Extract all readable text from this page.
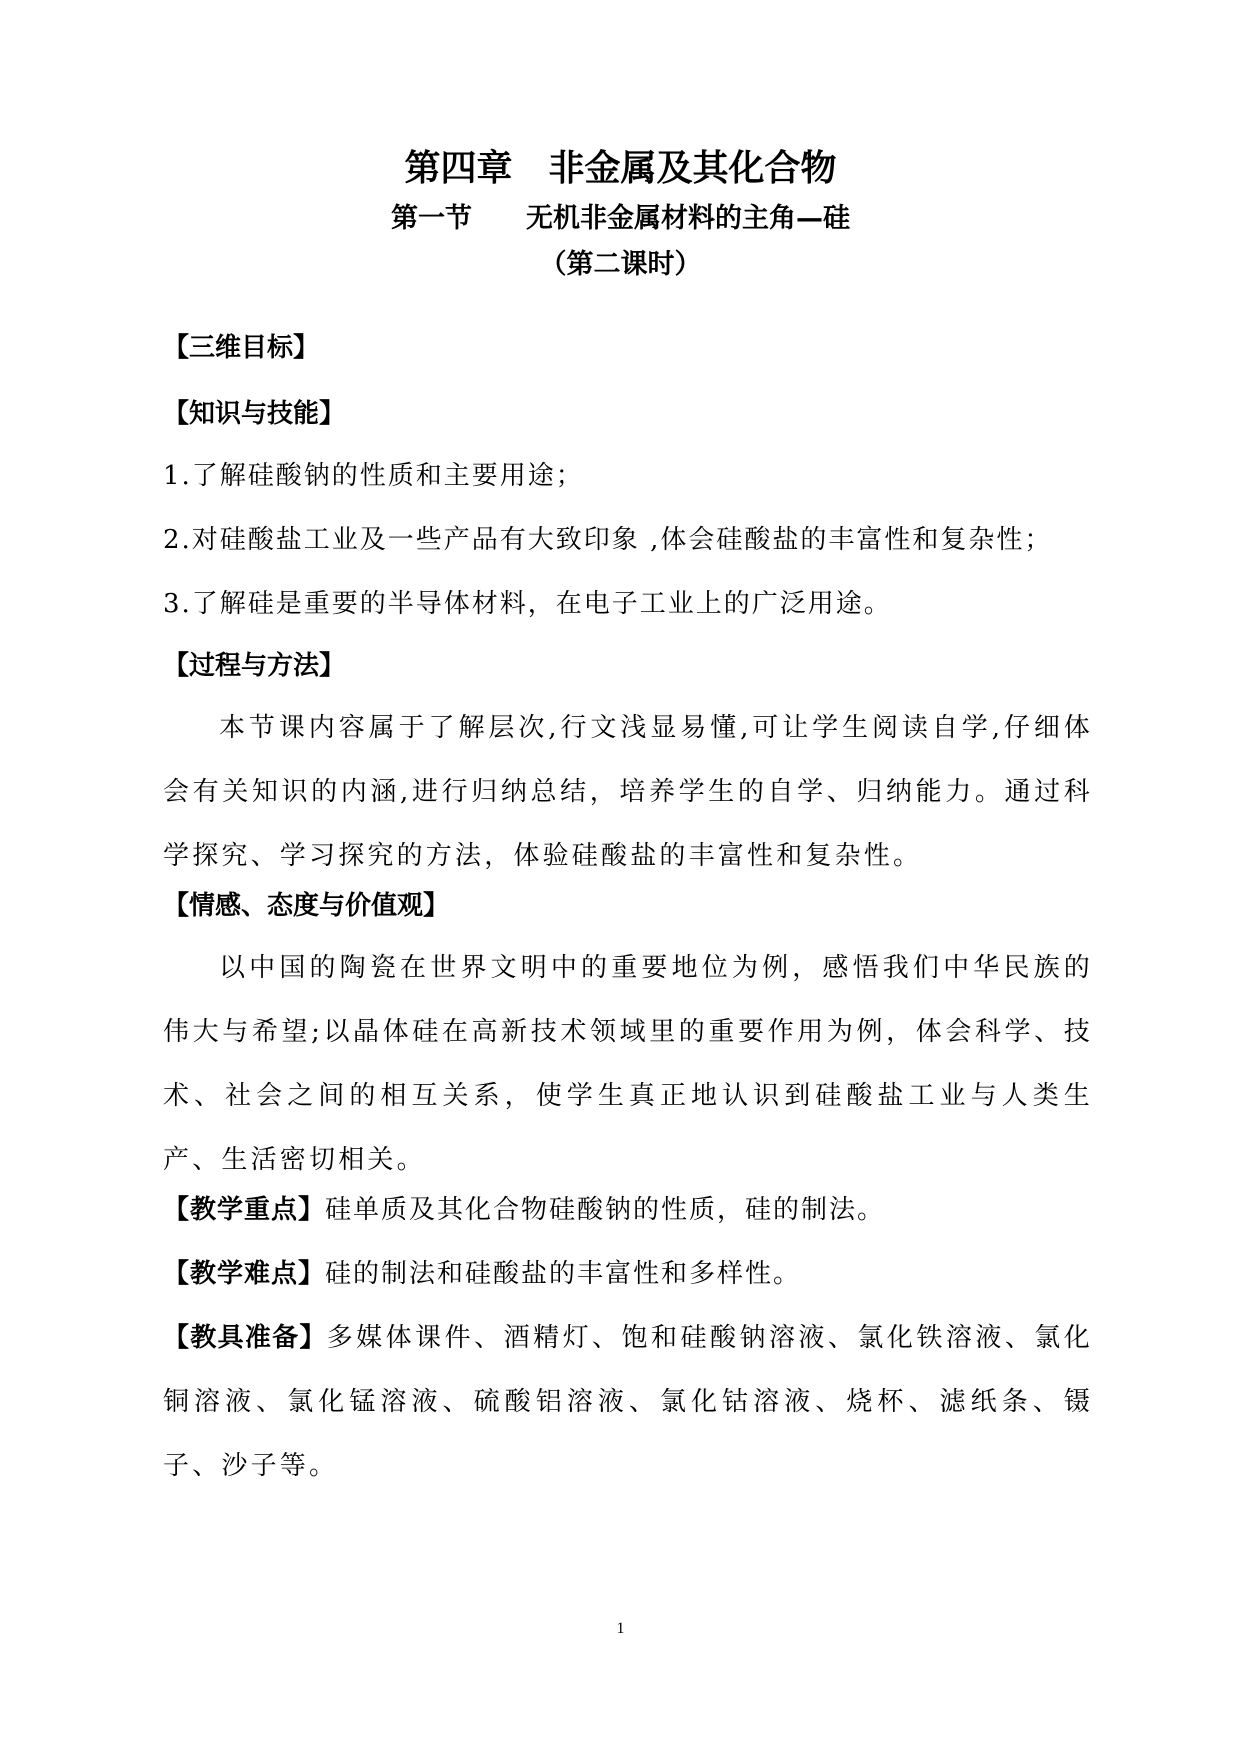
第四章　非金属及其化合物
第一节　　无机非金属材料的主角—硅
（第二课时）
【三维目标】
【知识与技能】
1.了解硅酸钠的性质和主要用途；
2.对硅酸盐工业及一些产品有大致印象 ,体会硅酸盐的丰富性和复杂性；
3.了解硅是重要的半导体材料，在电子工业上的广泛用途。
【过程与方法】
本节课内容属于了解层次,行文浅显易懂,可让学生阅读自学,仔细体会有关知识的内涵,进行归纳总结，培养学生的自学、归纳能力。通过科学探究、学习探究的方法，体验硅酸盐的丰富性和复杂性。
【情感、态度与价值观】
以中国的陶瓷在世界文明中的重要地位为例，感悟我们中华民族的伟大与希望;以晶体硅在高新技术领域里的重要作用为例，体会科学、技术、社会之间的相互关系，使学生真正地认识到硅酸盐工业与人类生产、生活密切相关。
【教学重点】硅单质及其化合物硅酸钠的性质，硅的制法。
【教学难点】硅的制法和硅酸盐的丰富性和多样性。
【教具准备】多媒体课件、酒精灯、饱和硅酸钠溶液、氯化铁溶液、氯化铜溶液、氯化锰溶液、硫酸铝溶液、氯化钴溶液、烧杯、滤纸条、镊子、沙子等。
1
